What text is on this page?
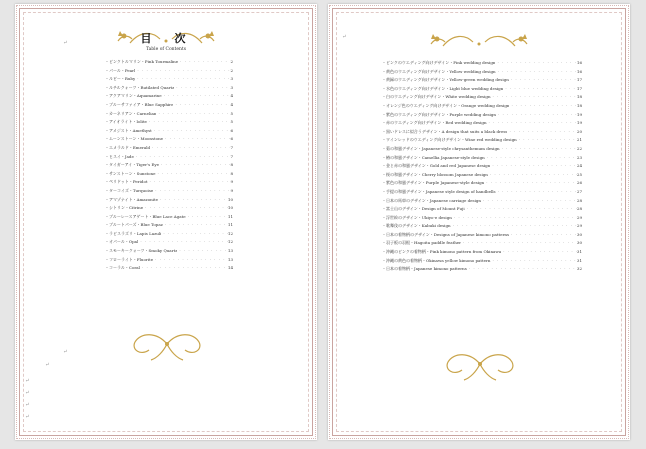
目　次
Table of Contents
・ピンクトルマリン・Pink Tourmaline · · ·	2
・パール・Pearl · · ·	2
・ルビー・Ruby · · ·	3
・ルチルクォーツ・Rutilated Quartz · · ·	3
・アクアマリン・Aquamarine · · ·	4
・ブルーサファイア・Blue Sapphire · · ·	4
・カーネリアン・Carnelian · · ·	5
・アイオライト・Iolite · · ·	5
・アメジスト・Amethyst · · ·	6
・ムーンストーン・Moonstone · · ·	6
・エメラルド・Emerald · · ·	7
・ヒスイ・Jade · · ·	7
・タイガーアイ・Tiger's Eye · · ·	8
・サンストーン・Sunstone · · ·	8
・ペリドット・Peridot · · ·	9
・ターコイズ・Turquoise · · ·	9
・アマゾナイト・Amazonite · · ·	10
・シトリン・Citrine · · ·	10
・ブルーレースアゲート・Blue Lace Agate · · ·	11
・ブルートパーズ・Blue Topaz · · ·	11
・ラピスラズリ・Lapis Lazuli · · ·	12
・オパール・Opal · · ·	12
・スモーキークォーツ・Smoky Quartz · · ·	13
・フローライト・Fluorite · · ·	13
・コーラル・Coral · · ·	14
↵
↵
↵
↵
↵
↵
↵
・ピンクのウエディング向けデザイン・Pink wedding design · · ·	16
・黄色のウエディング向けデザイン・Yellow wedding design · · ·	16
・黄緑のウエディング向けデザイン・Yellow-green wedding design · · ·	17
・水色のウエディング向けデザイン・Light blue wedding design · · ·	17
・白のウエディング向けデザイン・White wedding design · · ·	18
・オレンジ色のウエディング向けデザイン・Orange wedding design · · ·	18
・紫色のウエディング向けデザイン・Purple wedding design · · ·	19
・赤のウエディング向けデザイン・Red wedding design · · ·	19
・黒いドレスに似合うデザイン・A design that suits a black dress · · ·	20
・ワインレッドのウエディング向けデザイン・Wine red wedding design · · ·	21
・菊の和風デザイン・Japanese-style chrysanthemum design · · ·	22
・椿の和風デザイン・Camellia Japanese-style design · · ·	23
・金と赤の和風デザイン・Gold and red Japanese design · · ·	24
・桜の和風デザイン・Cherry blossom Japanese design · · ·	25
・紫色の和風デザイン・Purple Japanese-style design · · ·	26
・手提の和風デザイン・Japanese style design of handbells · · ·	27
・日本の馬車のデザイン・Japanese carriage design · · ·	28
・富士山のデザイン・Design of Mount Fuji · · ·	28
・浮世絵のデザイン・Ukiyo-e design · · ·	29
・歌舞伎のデザイン・Kabuki design · · ·	29
・日本の着物柄のデザイン・Designs of Japanese kimono patterns · · ·	30
・羽子板の羽根・Hagoita paddle feather · · ·	30
・沖縄のピンクの着物柄・Pink kimono pattern from Okinawa · · ·	31
・沖縄の黄色の着物柄・Okinawa yellow kimono pattern · · ·	31
・日本の着物柄・Japanese kimono patterns · · ·	32
↵
